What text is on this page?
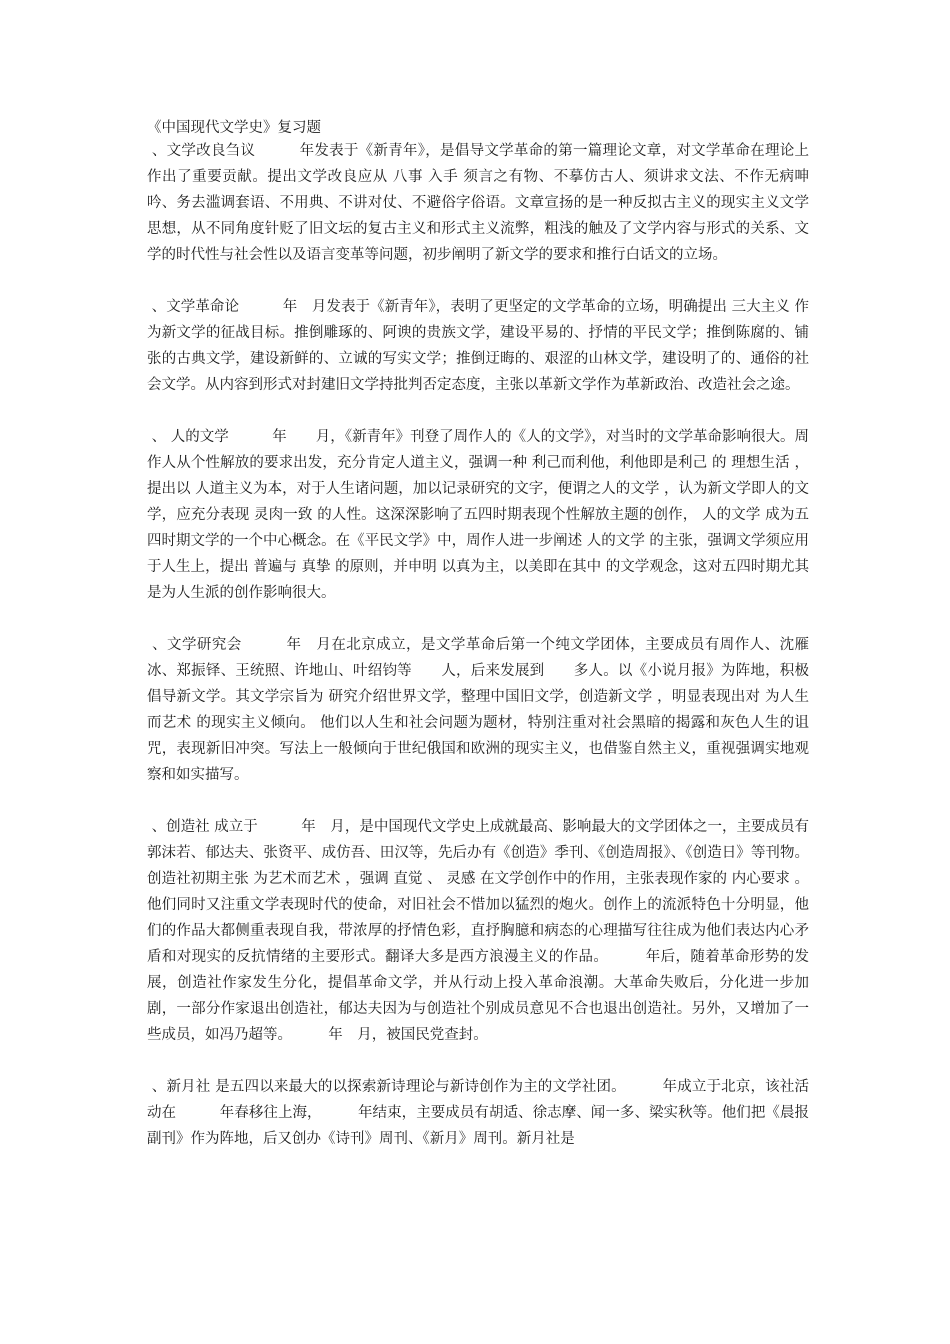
《中国现代文学史》复习题

、文学改良刍议　　　年发表于《新青年》，是倡导文学革命的第一篇理论文章，对文学革命在理论上作出了重要贡献。提出文学改良应从 八事 入手 须言之有物、不摹仿古人、须讲求文法、不作无病呻吟、务去滥调套语、不用典、不讲对仗、不避俗字俗语。文章宣扬的是一种反拟古主义的现实主义文学思想，从不同角度针贬了旧文坛的复古主义和形式主义流弊，粗浅的触及了文学内容与形式的关系、文学的时代性与社会性以及语言变革等问题，初步阐明了新文学的要求和推行白话文的立场。

、文学革命论　　　年　月发表于《新青年》，表明了更坚定的文学革命的立场，明确提出 三大主义 作为新文学的征战目标。推倒雕琢的、阿谀的贵族文学，建设平易的、抒情的平民文学；推倒陈腐的、铺张的古典文学，建设新鲜的、立诚的写实文学；推倒迂晦的、艰涩的山林文学，建设明了的、通俗的社会文学。从内容到形式对封建旧文学持批判否定态度，主张以革新文学作为革新政治、改造社会之途。

、 人的文学　　　年　　月，《新青年》刊登了周作人的《人的文学》，对当时的文学革命影响很大。周作人从个性解放的要求出发，充分肯定人道主义，强调一种 利己而利他，利他即是利己 的 理想生活 ，提出以 人道主义为本，对于人生诸问题，加以记录研究的文字，便谓之人的文学 ，认为新文学即人的文学，应充分表现 灵肉一致 的人性。这深深影响了五四时期表现个性解放主题的创作， 人的文学 成为五四时期文学的一个中心概念。在《平民文学》中，周作人进一步阐述 人的文学 的主张，强调文学须应用于人生上，提出 普遍与 真挚 的原则，并申明 以真为主，以美即在其中 的文学观念，这对五四时期尤其是为人生派的创作影响很大。

、文学研究会　　　年　月在北京成立，是文学革命后第一个纯文学团体，主要成员有周作人、沈雁冰、郑振铎、王统照、许地山、叶绍钧等　　人，后来发展到　　多人。以《小说月报》为阵地，积极倡导新文学。其文学宗旨为 研究介绍世界文学，整理中国旧文学，创造新文学 ，明显表现出对 为人生而艺术 的现实主义倾向。 他们以人生和社会问题为题材，特别注重对社会黑暗的揭露和灰色人生的诅咒，表现新旧冲突。写法上一般倾向于世纪俄国和欧洲的现实主义，也借鉴自然主义，重视强调实地观察和如实描写。

、创造社 成立于　　　年　月，是中国现代文学史上成就最高、影响最大的文学团体之一，主要成员有郭沫若、郁达夫、张资平、成仿吾、田汉等，先后办有《创造》季刊、《创造周报》、《创造日》等刊物。创造社初期主张 为艺术而艺术 ，强调 直觉 、 灵感 在文学创作中的作用，主张表现作家的 内心要求 。他们同时又注重文学表现时代的使命，对旧社会不惜加以猛烈的炮火。创作上的流派特色十分明显，他们的作品大都侧重表现自我，带浓厚的抒情色彩，直抒胸臆和病态的心理描写往往成为他们表达内心矛盾和对现实的反抗情绪的主要形式。翻译大多是西方浪漫主义的作品。　　　年后，随着革命形势的发展，创造社作家发生分化，提倡革命文学，并从行动上投入革命浪潮。大革命失败后，分化进一步加剧，一部分作家退出创造社，郁达夫因为与创造社个别成员意见不合也退出创造社。另外，又增加了一些成员，如冯乃超等。　　　年　月，被国民党查封。

、新月社 是五四以来最大的以探索新诗理论与新诗创作为主的文学社团。　　　年成立于北京，该社活动在　　　年春移往上海，　　　年结束，主要成员有胡适、徐志摩、闻一多、梁实秋等。他们把《晨报副刊》作为阵地，后又创办《诗刊》周刊、《新月》周刊。新月社是
